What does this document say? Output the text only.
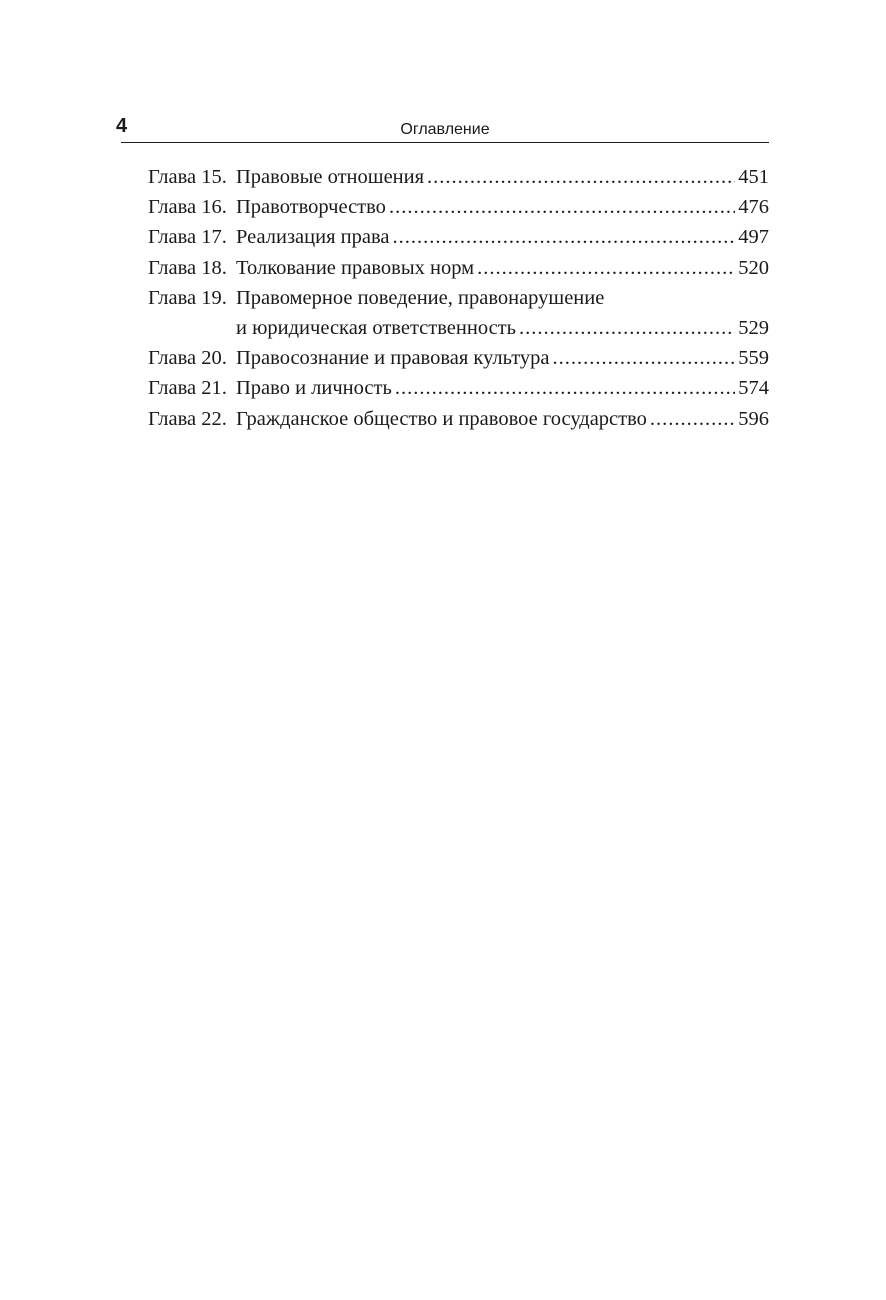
4	Оглавление
Глава 15. Правовые отношения .....	451
Глава 16. Правотворчество .....	476
Глава 17. Реализация права .....	497
Глава 18. Толкование правовых норм .....	520
Глава 19. Правомерное поведение, правонарушение
и юридическая ответственность .....	529
Глава 20. Правосознание и правовая культура .....	559
Глава 21. Право и личность .....	574
Глава 22. Гражданское общество и правовое государство .....	596
